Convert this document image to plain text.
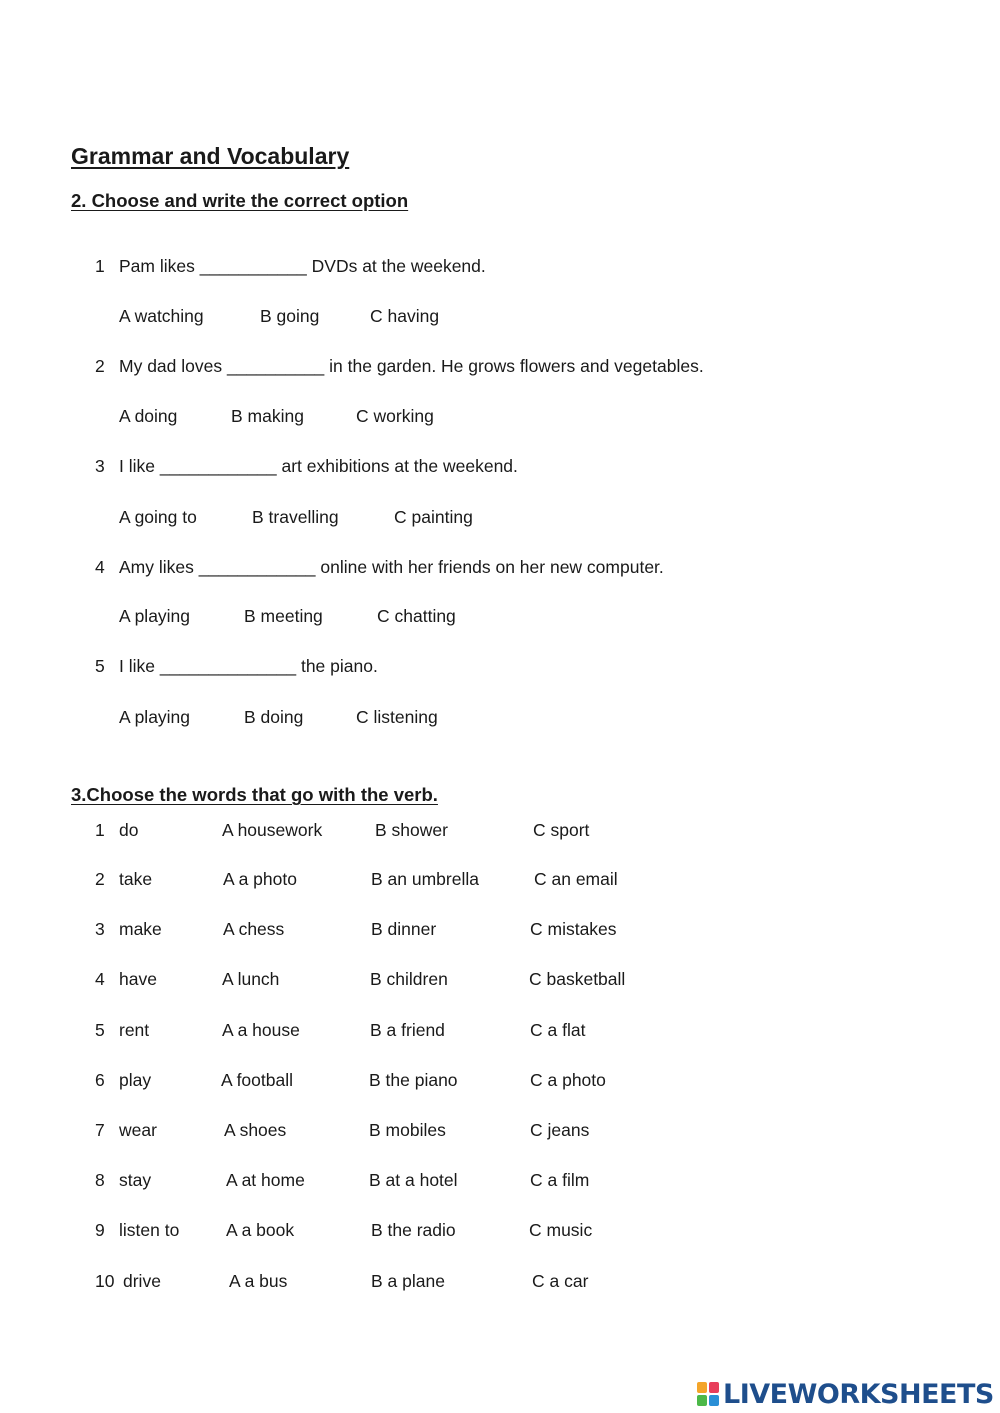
Grammar and Vocabulary
2. Choose and write the correct option
1 Pam likes ___________ DVDs at the weekend.
A watching	B going	C having
2 My dad loves __________ in the garden. He grows flowers and vegetables.
A doing	B making	C working
3 I like ____________ art exhibitions at the weekend.
A going to	B travelling	C painting
4 Amy likes ____________ online with her friends on her new computer.
A playing	B meeting	C chatting
5 I like ______________ the piano.
A playing	B doing	C listening
3.Choose the words that go with the verb.
1 do	A housework	B shower	C sport
2 take	A a photo	B an umbrella	C an email
3 make	A chess	B dinner	C mistakes
4 have	A lunch	B children	C basketball
5 rent	A a house	B a friend	C a flat
6 play	A football	B the piano	C a photo
7 wear	A shoes	B mobiles	C jeans
8 stay	A at home	B at a hotel	C a film
9 listen to	A a book	B the radio	C music
10 drive	A a bus	B a plane	C a car
LIVEWORKSHEETS
